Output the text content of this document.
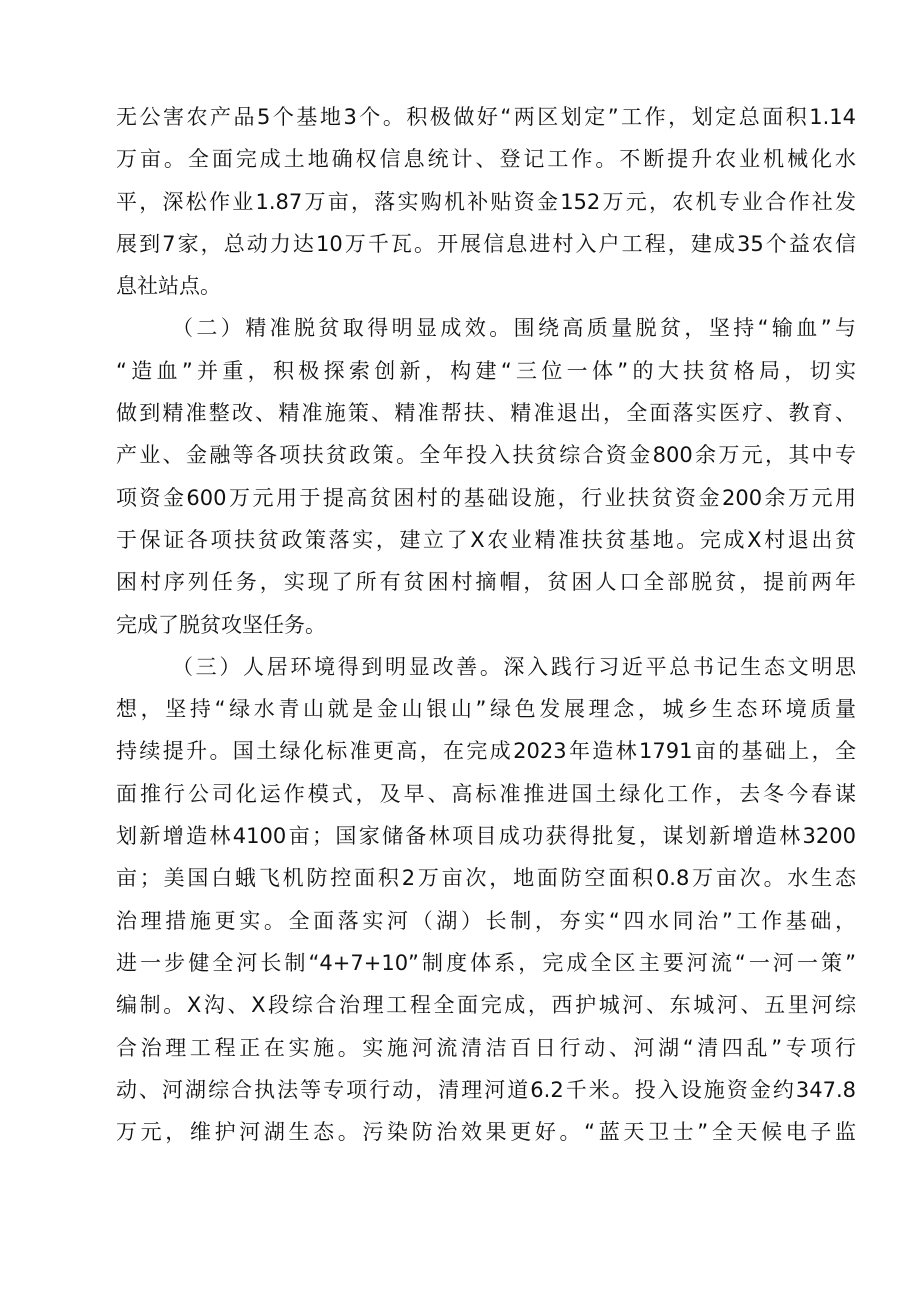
无公害农产品5个基地3个。积极做好“两区划定”工作，划定总面积1.14
万亩。全面完成土地确权信息统计、登记工作。不断提升农业机械化水
平，深松作业1.87万亩，落实购机补贴资金152万元，农机专业合作社发
展到7家，总动力达10万千瓦。开展信息进村入户工程，建成35个益农信
息社站点。
（二）精准脱贫取得明显成效。围绕高质量脱贫，坚持“输血”与
“造血”并重，积极探索创新，构建“三位一体”的大扶贫格局，切实
做到精准整改、精准施策、精准帮扶、精准退出，全面落实医疗、教育、
产业、金融等各项扶贫政策。全年投入扶贫综合资金800余万元，其中专
项资金600万元用于提高贫困村的基础设施，行业扶贫资金200余万元用
于保证各项扶贫政策落实，建立了X农业精准扶贫基地。完成X村退出贫
困村序列任务，实现了所有贫困村摘帽，贫困人口全部脱贫，提前两年
完成了脱贫攻坚任务。
（三）人居环境得到明显改善。深入践行习近平总书记生态文明思
想，坚持“绿水青山就是金山银山”绿色发展理念，城乡生态环境质量
持续提升。国土绿化标准更高，在完成2023年造林1791亩的基础上，全
面推行公司化运作模式，及早、高标准推进国土绿化工作，去冬今春谋
划新增造林4100亩；国家储备林项目成功获得批复，谋划新增造林3200
亩；美国白蛾飞机防控面积2万亩次，地面防空面积0.8万亩次。水生态
治理措施更实。全面落实河（湖）长制，夯实“四水同治”工作基础，
进一步健全河长制“4+7+10”制度体系，完成全区主要河流“一河一策”
编制。X沟、X段综合治理工程全面完成，西护城河、东城河、五里河综
合治理工程正在实施。实施河流清洁百日行动、河湖“清四乱”专项行
动、河湖综合执法等专项行动，清理河道6.2千米。投入设施资金约347.8
万元，维护河湖生态。污染防治效果更好。“蓝天卫士”全天候电子监
